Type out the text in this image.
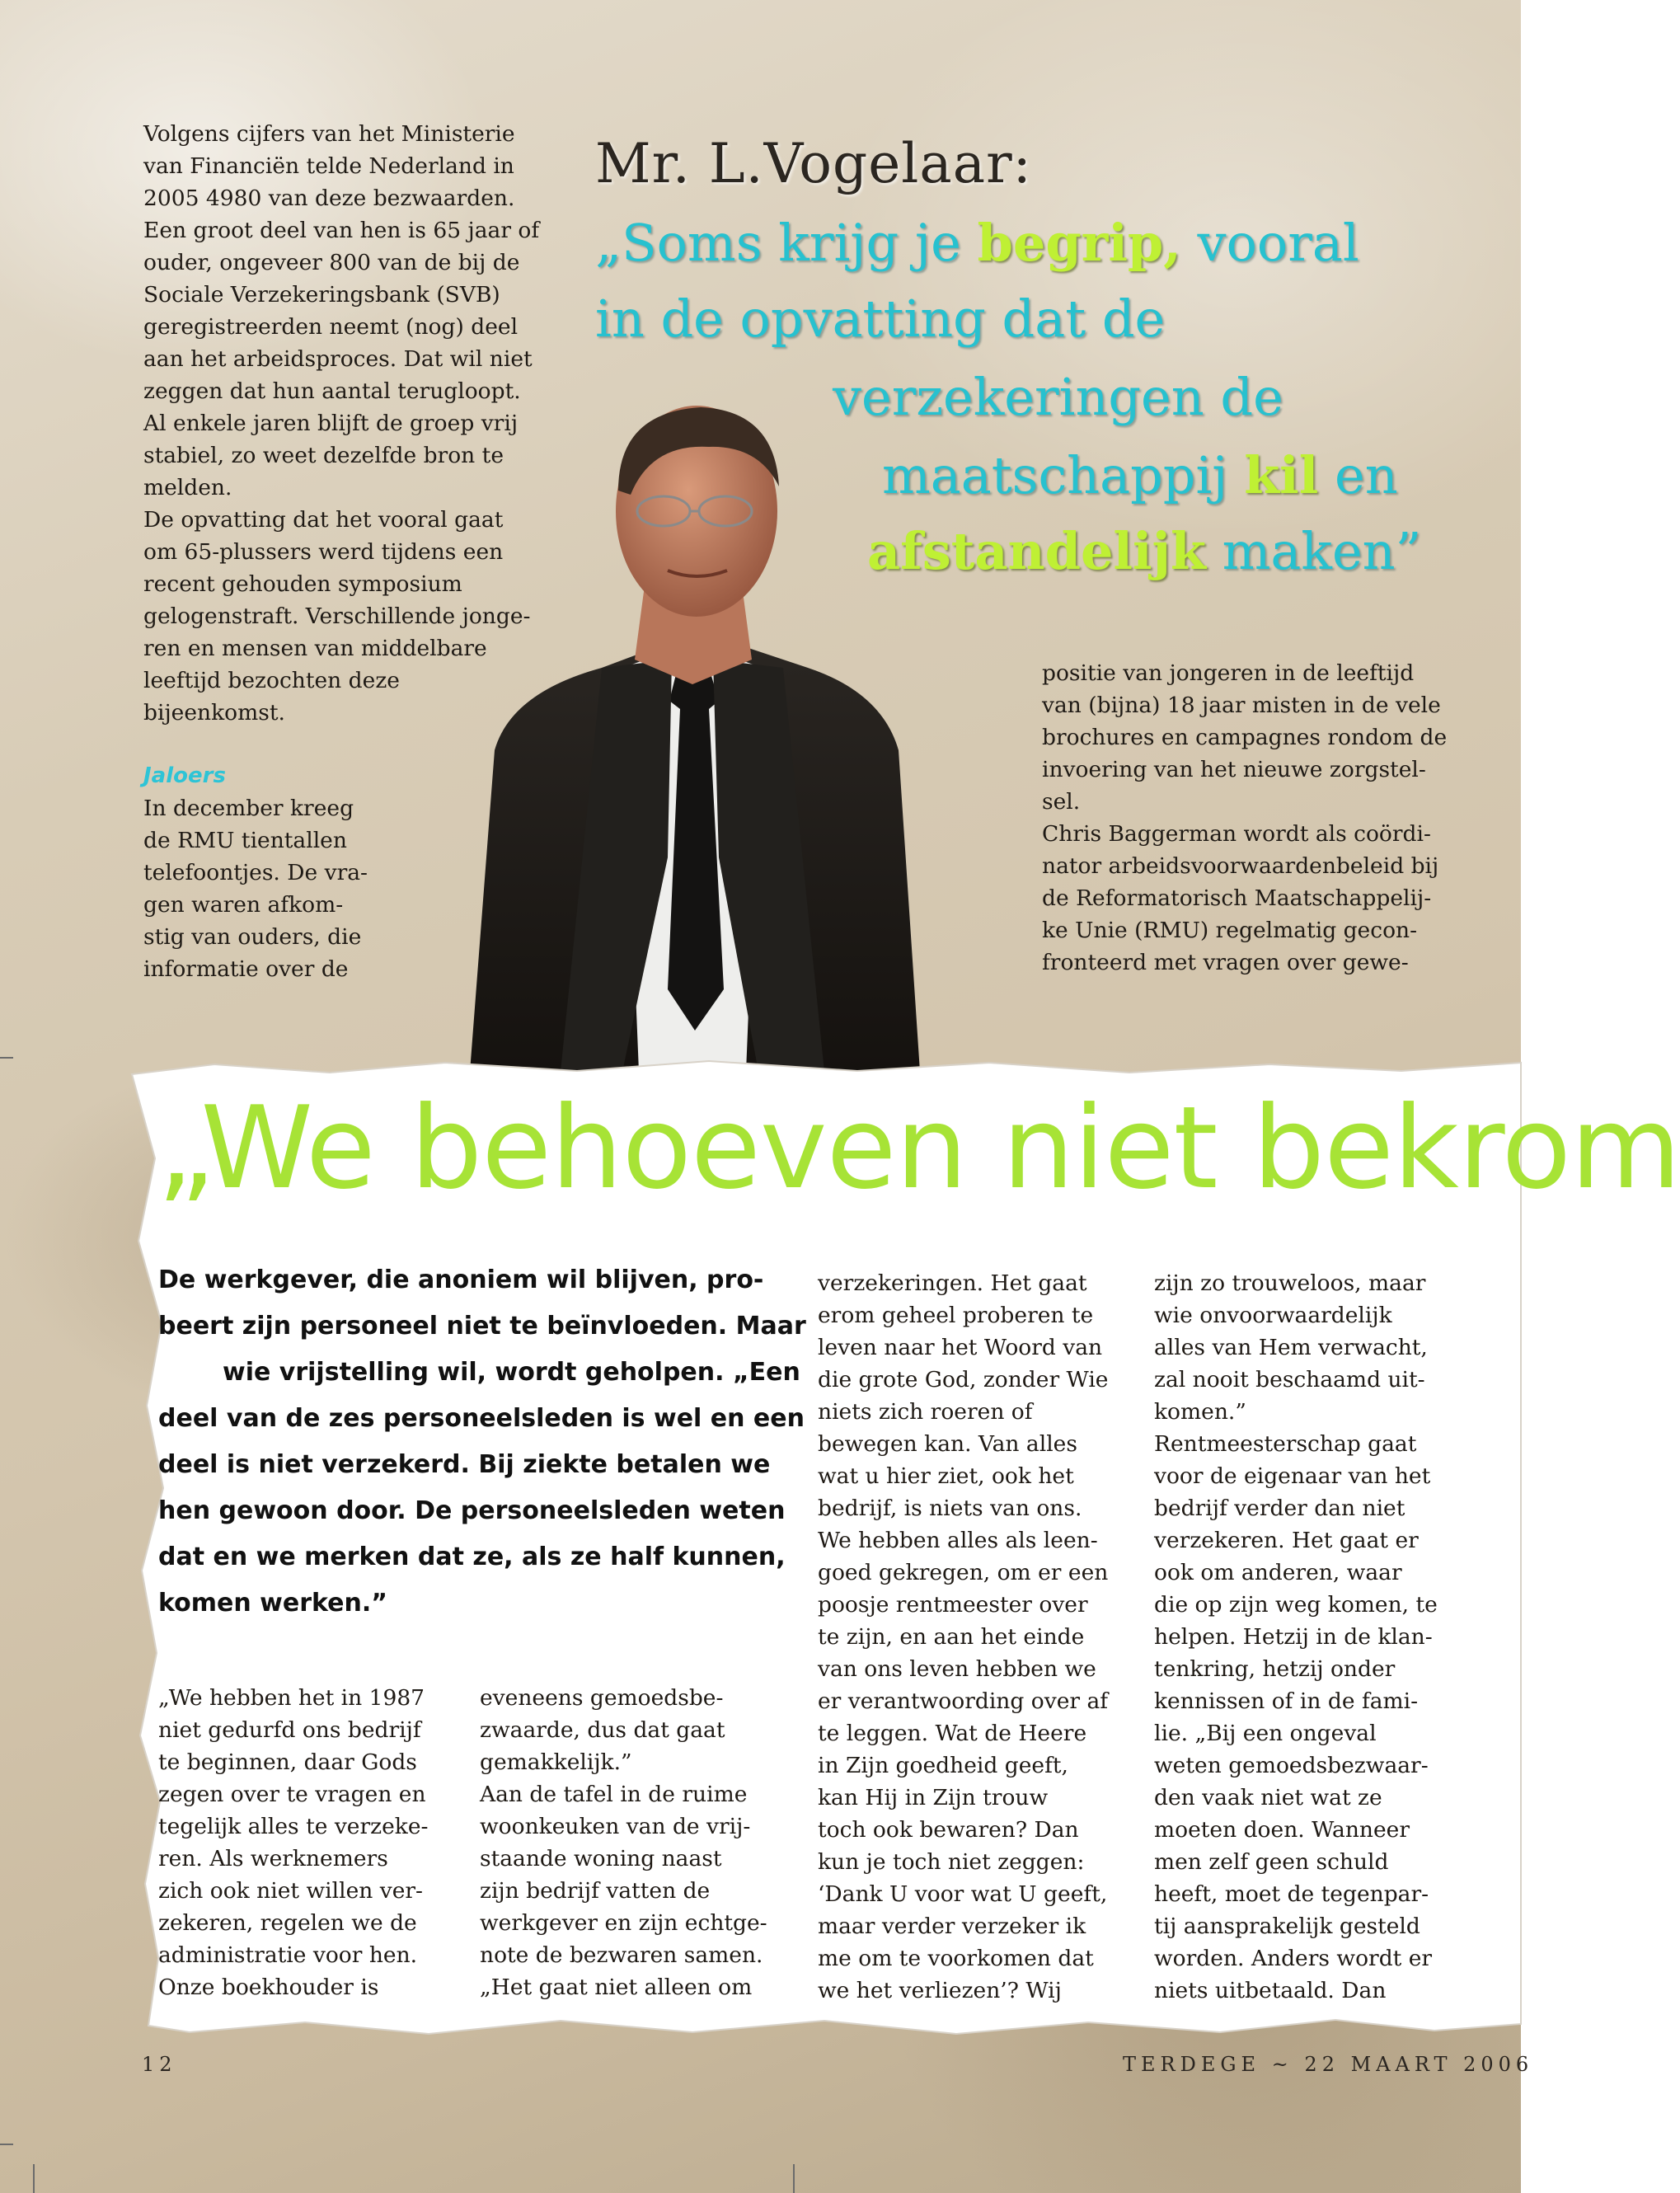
Volgens cijfers van het Ministerie
van Financiën telde Nederland in
2005 4980 van deze bezwaarden.
Een groot deel van hen is 65 jaar of
ouder, ongeveer 800 van de bij de
Sociale Verzekeringsbank (SVB)
geregistreerden neemt (nog) deel
aan het arbeidsproces. Dat wil niet
zeggen dat hun aantal terugloopt.
Al enkele jaren blijft de groep vrij
stabiel, zo weet dezelfde bron te
melden.
De opvatting dat het vooral gaat
om 65-plussers werd tijdens een
recent gehouden symposium
gelogenstraft. Verschillende jonge-
ren en mensen van middelbare
leeftijd bezochten deze
bijeenkomst.
Jaloers
In december kreeg
de RMU tientallen
telefoontjes. De vra-
gen waren afkom-
stig van ouders, die
informatie over de
Mr. L.Vogelaar:
„Soms krijg je begrip, vooral
in de opvatting dat de
verzekeringen de
maatschappij kil en
afstandelijk maken”
positie van jongeren in de leeftijd
van (bijna) 18 jaar misten in de vele
brochures en campagnes rondom de
invoering van het nieuwe zorgstel-
sel.
Chris Baggerman wordt als coördi-
nator arbeidsvoorwaardenbeleid bij
de Reformatorisch Maatschappelij-
ke Unie (RMU) regelmatig gecon-
fronteerd met vragen over gewe-
„We behoeven niet bekrom
De werkgever, die anoniem wil blijven, pro-
beert zijn personeel niet te beïnvloeden. Maar
wie vrijstelling wil, wordt geholpen. „Een
deel van de zes personeelsleden is wel en een
deel is niet verzekerd. Bij ziekte betalen we
hen gewoon door. De personeelsleden weten
dat en we merken dat ze, als ze half kunnen,
komen werken.”
„We hebben het in 1987
niet gedurfd ons bedrijf
te beginnen, daar Gods
zegen over te vragen en
tegelijk alles te verzeke-
ren. Als werknemers
zich ook niet willen ver-
zekeren, regelen we de
administratie voor hen.
Onze boekhouder is
eveneens gemoedsbe-
zwaarde, dus dat gaat
gemakkelijk.”
Aan de tafel in de ruime
woonkeuken van de vrij-
staande woning naast
zijn bedrijf vatten de
werkgever en zijn echtge-
note de bezwaren samen.
„Het gaat niet alleen om
verzekeringen. Het gaat
erom geheel proberen te
leven naar het Woord van
die grote God, zonder Wie
niets zich roeren of
bewegen kan. Van alles
wat u hier ziet, ook het
bedrijf, is niets van ons.
We hebben alles als leen-
goed gekregen, om er een
poosje rentmeester over
te zijn, en aan het einde
van ons leven hebben we
er verantwoording over af
te leggen. Wat de Heere
in Zijn goedheid geeft,
kan Hij in Zijn trouw
toch ook bewaren? Dan
kun je toch niet zeggen:
‘Dank U voor wat U geeft,
maar verder verzeker ik
me om te voorkomen dat
we het verliezen’? Wij
zijn zo trouweloos, maar
wie onvoorwaardelijk
alles van Hem verwacht,
zal nooit beschaamd uit-
komen.”
Rentmeesterschap gaat
voor de eigenaar van het
bedrijf verder dan niet
verzekeren. Het gaat er
ook om anderen, waar
die op zijn weg komen, te
helpen. Hetzij in de klan-
tenkring, hetzij onder
kennissen of in de fami-
lie. „Bij een ongeval
weten gemoedsbezwaar-
den vaak niet wat ze
moeten doen. Wanneer
men zelf geen schuld
heeft, moet de tegenpar-
tij aansprakelijk gesteld
worden. Anders wordt er
niets uitbetaald. Dan
12	TERDEGE ~ 22 MAART 2006
